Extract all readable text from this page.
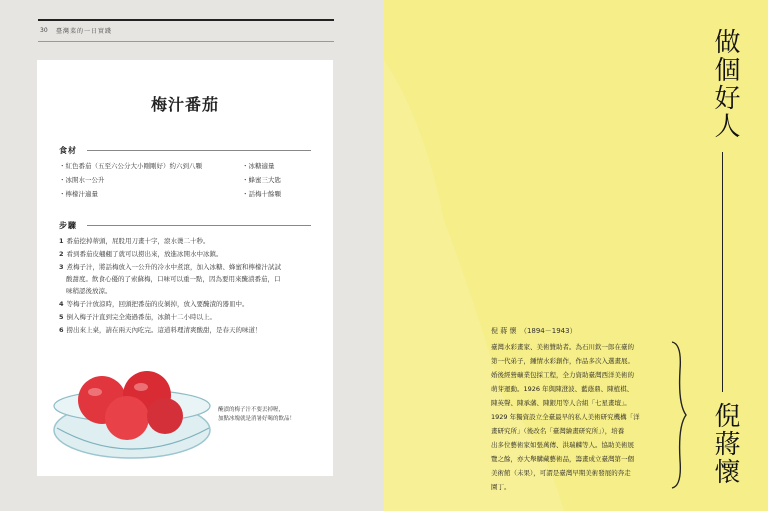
30 臺灣菜的一日實踐
梅汁番茄
食材
・紅色番茄（五至六公分大小剛剛好）約六到八顆	・冰糖適量
・冰開水一公升	・蜂蜜三大匙
・檸檬汁適量	・話梅十餘顆
步驟
1 番茄挖掉蒂頭，屁股用刀畫十字，滾水燙二十秒。
2 看到番茄皮翹翹了就可以撈出來，放進冰開水中冰鎮。
3 煮梅子汁，將話梅放入一公升的冷水中煮滾，加入冰糖、蜂蜜和檸檬汁試試
酸甜度。飲食心優的了索蘇梅，口味可以重一點，因為要用來醃漬番茄，口
味稍認後放涼。
4 等梅子汁放涼時，回頭把番茄的皮剝掉，放入要醃漬的器皿中。
5 倒入梅子汁直到完全淹過番茄，冰鎮十二小時以上。
6 撈出來上桌，請在兩天內吃完。這道料理清爽酸甜，是春天的味道！
醃漬的梅子汁不要丟掉喔，
加點冰塊就是消暑好喝的飲品！
做個好人
倪蔣懷
倪 蔣 懷　（1894－1943）
臺灣水彩畫家、美術贊助者。為石川欽一郎在臺的
第一代弟子，鍾情水彩創作，作品多次入選畫展。
婚後經營礦業包採工程，全力資助臺灣西洋美術的
萌芽運動。1926 年與陳澄波、藍蔭鼎、陳植棋、
陳英聲、陳承藩、陳銀用等人合組「七星畫壇」。
1929 年獨資設立全臺最早的私人美術研究機構「洋
畫研究所」（後改名「臺灣繪畫研究所」），培養
出多位藝術家如張萬傳、洪瑞麟等人。協助美術展
覽之餘，亦大舉購藏藝術品，籌畫成立臺灣第一個
美術館（未果），可謂是臺灣早期美術發展的奔走
園丁。
